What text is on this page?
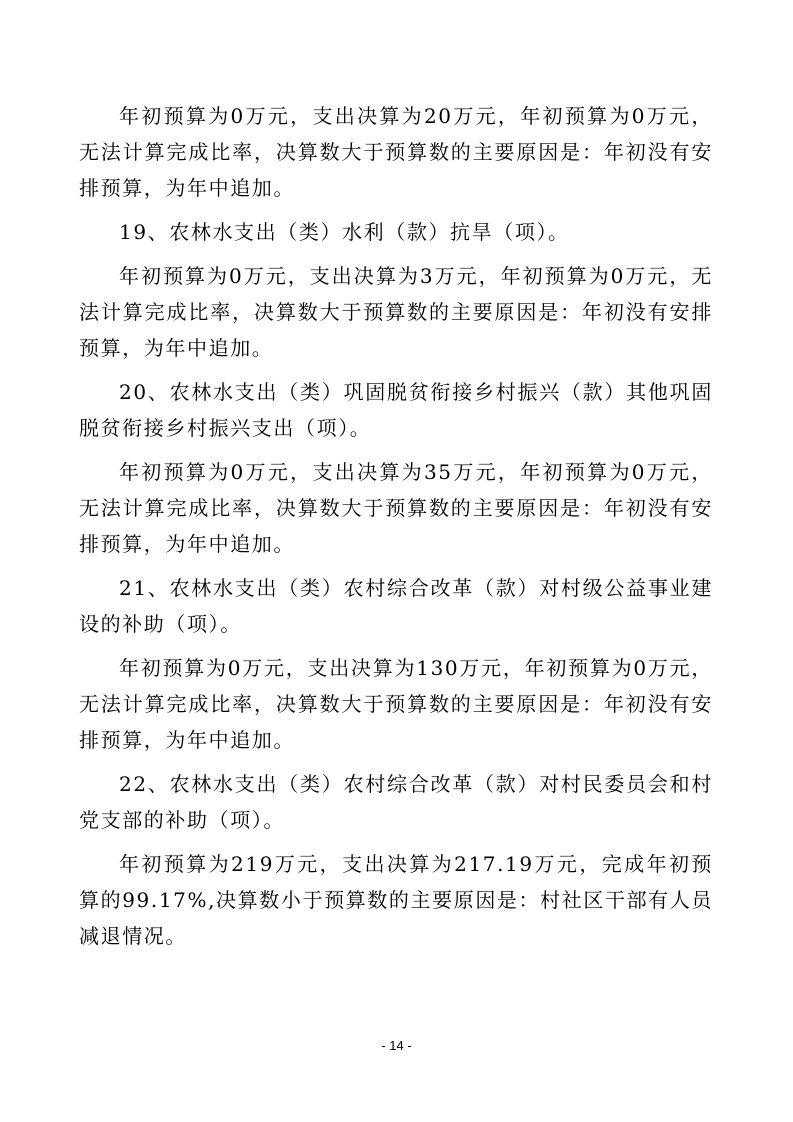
年初预算为0万元，支出决算为20万元，年初预算为0万元，无法计算完成比率，决算数大于预算数的主要原因是：年初没有安排预算，为年中追加。

19、农林水支出（类）水利（款）抗旱（项）。

年初预算为0万元，支出决算为3万元，年初预算为0万元，无法计算完成比率，决算数大于预算数的主要原因是：年初没有安排预算，为年中追加。

20、农林水支出（类）巩固脱贫衔接乡村振兴（款）其他巩固脱贫衔接乡村振兴支出（项）。

年初预算为0万元，支出决算为35万元，年初预算为0万元，无法计算完成比率，决算数大于预算数的主要原因是：年初没有安排预算，为年中追加。

21、农林水支出（类）农村综合改革（款）对村级公益事业建设的补助（项）。

年初预算为0万元，支出决算为130万元，年初预算为0万元，无法计算完成比率，决算数大于预算数的主要原因是：年初没有安排预算，为年中追加。

22、农林水支出（类）农村综合改革（款）对村民委员会和村党支部的补助（项）。

年初预算为219万元，支出决算为217.19万元，完成年初预算的99.17%,决算数小于预算数的主要原因是：村社区干部有人员减退情况。

- 14 -
